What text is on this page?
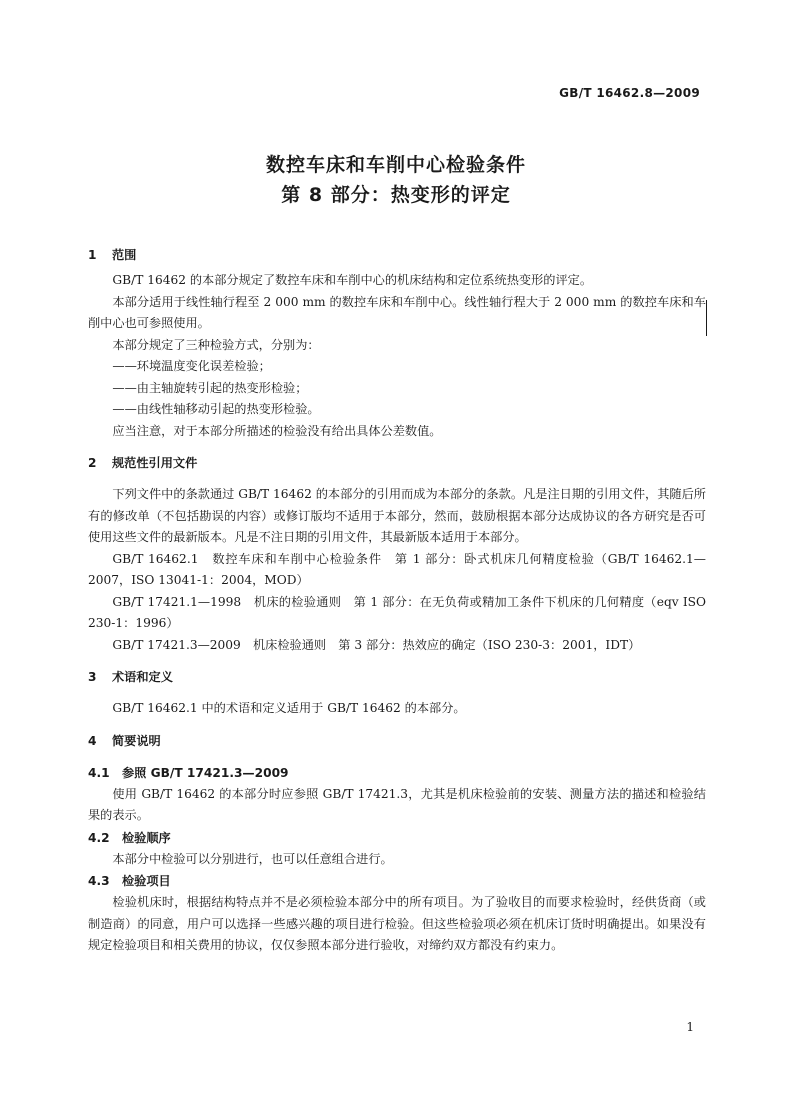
GB/T 16462.8—2009
数控车床和车削中心检验条件
第 8 部分：热变形的评定
1 范围

GB/T 16462 的本部分规定了数控车床和车削中心的机床结构和定位系统热变形的评定。

本部分适用于线性轴行程至 2 000 mm 的数控车床和车削中心。线性轴行程大于 2 000 mm 的数控车床和车削中心也可参照使用。

本部分规定了三种检验方式，分别为：

——环境温度变化误差检验；

——由主轴旋转引起的热变形检验；

——由线性轴移动引起的热变形检验。

应当注意，对于本部分所描述的检验没有给出具体公差数值。

2 规范性引用文件

下列文件中的条款通过 GB/T 16462 的本部分的引用而成为本部分的条款。凡是注日期的引用文件，其随后所有的修改单（不包括勘误的内容）或修订版均不适用于本部分，然而，鼓励根据本部分达成协议的各方研究是否可使用这些文件的最新版本。凡是不注日期的引用文件，其最新版本适用于本部分。

GB/T 16462.1　数控车床和车削中心检验条件　第 1 部分：卧式机床几何精度检验（GB/T 16462.1—2007，ISO 13041-1：2004，MOD）

GB/T 17421.1—1998　机床的检验通则　第 1 部分：在无负荷或精加工条件下机床的几何精度（eqv ISO 230-1：1996）

GB/T 17421.3—2009　机床检验通则　第 3 部分：热效应的确定（ISO 230-3：2001，IDT）

3 术语和定义

GB/T 16462.1 中的术语和定义适用于 GB/T 16462 的本部分。

4 简要说明
4.1 参照 GB/T 17421.3—2009

使用 GB/T 16462 的本部分时应参照 GB/T 17421.3，尤其是机床检验前的安装、测量方法的描述和检验结果的表示。

4.2 检验顺序

本部分中检验可以分别进行，也可以任意组合进行。

4.3 检验项目

检验机床时，根据结构特点并不是必须检验本部分中的所有项目。为了验收目的而要求检验时，经供货商（或制造商）的同意，用户可以选择一些感兴趣的项目进行检验。但这些检验项必须在机床订货时明确提出。如果没有规定检验项目和相关费用的协议，仅仅参照本部分进行验收，对缔约双方都没有约束力。

1
